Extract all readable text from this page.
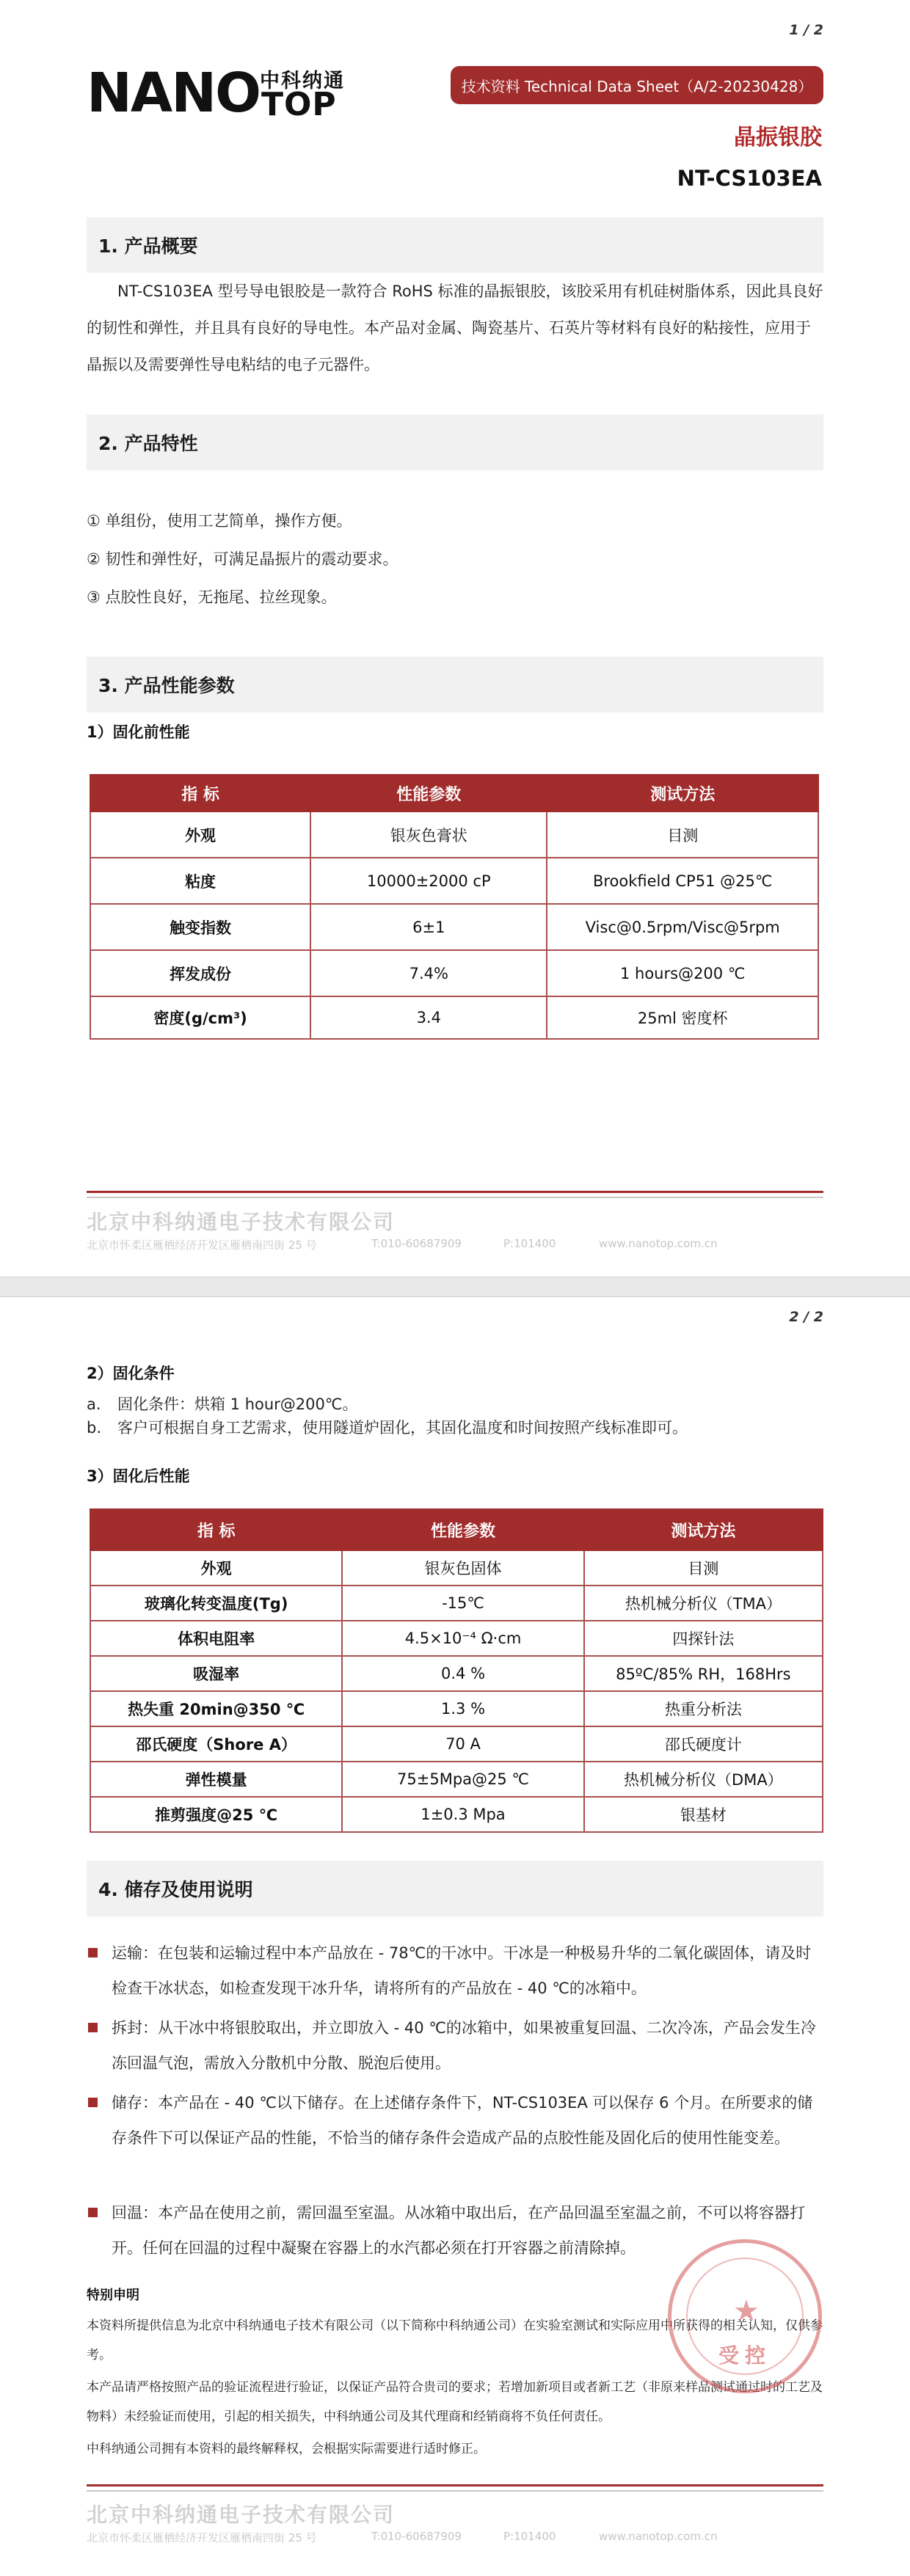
1 / 2
NANO 中科纳通
TOP	技术资料 Technical Data Sheet（A/2-20230428）
晶振银胶
NT-CS103EA
1. 产品概要
NT-CS103EA 型号导电银胶是一款符合 RoHS 标准的晶振银胶，该胶采用有机硅树脂体系，因此具良好的韧性和弹性，并且具有良好的导电性。本产品对金属、陶瓷基片、石英片等材料有良好的粘接性，应用于晶振以及需要弹性导电粘结的电子元器件。
2. 产品特性
① 单组份，使用工艺简单，操作方便。
② 韧性和弹性好，可满足晶振片的震动要求。
③ 点胶性良好，无拖尾、拉丝现象。
3. 产品性能参数
1）固化前性能
指 标	性能参数	测试方法
外观	银灰色膏状	目测
粘度	10000±2000 cP	Brookfield CP51 @25℃
触变指数	6±1	Visc@0.5rpm/Visc@5rpm
挥发成份	7.4%	1 hours@200 ℃
密度(g/cm³)	3.4	25ml 密度杯
北京中科纳通电子技术有限公司
北京市怀柔区雁栖经济开发区雁栖南四街 25 号	T:010-60687909	P:101400	www.nanotop.com.cn
2 / 2
2）固化条件
a. 固化条件：烘箱 1 hour@200℃。
b. 客户可根据自身工艺需求，使用隧道炉固化，其固化温度和时间按照产线标准即可。
3）固化后性能
指 标	性能参数	测试方法
外观	银灰色固体	目测
玻璃化转变温度(Tg)	-15℃	热机械分析仪（TMA）
体积电阻率	4.5×10⁻⁴ Ω·cm	四探针法
吸湿率	0.4 %	85ºC/85% RH，168Hrs
热失重 20min@350 ℃	1.3 %	热重分析法
邵氏硬度（Shore A）	70 A	邵氏硬度计
弹性模量	75±5Mpa@25 ℃	热机械分析仪（DMA）
推剪强度@25 ℃	1±0.3 Mpa	银基材
4. 储存及使用说明
运输：在包装和运输过程中本产品放在 - 78℃的干冰中。干冰是一种极易升华的二氧化碳固体，请及时检查干冰状态，如检查发现干冰升华，请将所有的产品放在 - 40 ℃的冰箱中。
拆封：从干冰中将银胶取出，并立即放入 - 40 ℃的冰箱中，如果被重复回温、二次冷冻，产品会发生冷冻回温气泡，需放入分散机中分散、脱泡后使用。
储存：本产品在 - 40 ℃以下储存。在上述储存条件下，NT-CS103EA 可以保存 6 个月。在所要求的储存条件下可以保证产品的性能，不恰当的储存条件会造成产品的点胶性能及固化后的使用性能变差。
回温：本产品在使用之前，需回温至室温。从冰箱中取出后，在产品回温至室温之前，不可以将容器打开。任何在回温的过程中凝聚在容器上的水汽都必须在打开容器之前清除掉。
特别申明
本资料所提供信息为北京中科纳通电子技术有限公司（以下简称中科纳通公司）在实验室测试和实际应用中所获得的相关认知，仅供参考。
本产品请严格按照产品的验证流程进行验证，以保证产品符合贵司的要求；若增加新项目或者新工艺（非原来样品测试通过时的工艺及物料）未经验证而使用，引起的相关损失，中科纳通公司及其代理商和经销商将不负任何责任。
中科纳通公司拥有本资料的最终解释权，会根据实际需要进行适时修正。
北京中科纳通电子技术有限公司
北京市怀柔区雁栖经济开发区雁栖南四街 25 号	T:010-60687909	P:101400	www.nanotop.com.cn
★
受控
